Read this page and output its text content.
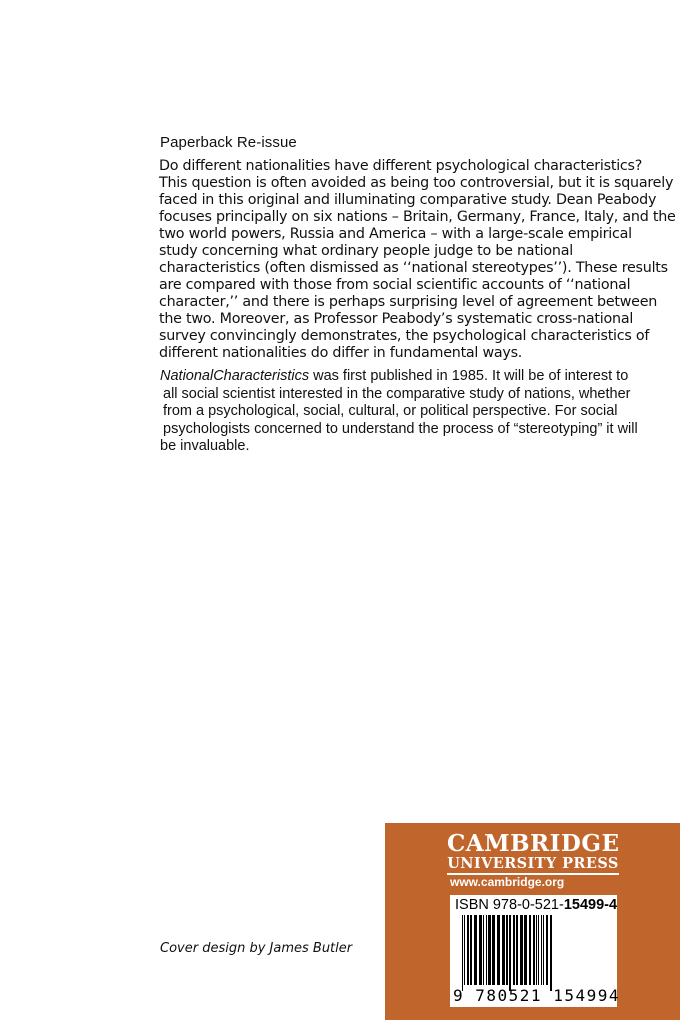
Paperback Re-issue
Do different nationalities have different psychological characteristics?
This question is often avoided as being too controversial, but it is squarely
faced in this original and illuminating comparative study. Dean Peabody
focuses principally on six nations – Britain, Germany, France, Italy, and the
two world powers, Russia and America – with a large-scale empirical
study concerning what ordinary people judge to be national
characteristics (often dismissed as ‘‘national stereotypes’’). These results
are compared with those from social scientific accounts of ‘‘national
character,’’ and there is perhaps surprising level of agreement between
the two. Moreover, as Professor Peabody’s systematic cross-national
survey convincingly demonstrates, the psychological characteristics of
different nationalities do differ in fundamental ways.
NationalCharacteristics was first published in 1985. It will be of interest to
all social scientist interested in the comparative study of nations, whether
from a psychological, social, cultural, or political perspective. For social
psychologists concerned to understand the process of “stereotyping” it will
be invaluable.
Cover design by James Butler
CAMBRIDGE
UNIVERSITY PRESS
www.cambridge.org
ISBN 978-0-521-15499-4
9 780521 154994
